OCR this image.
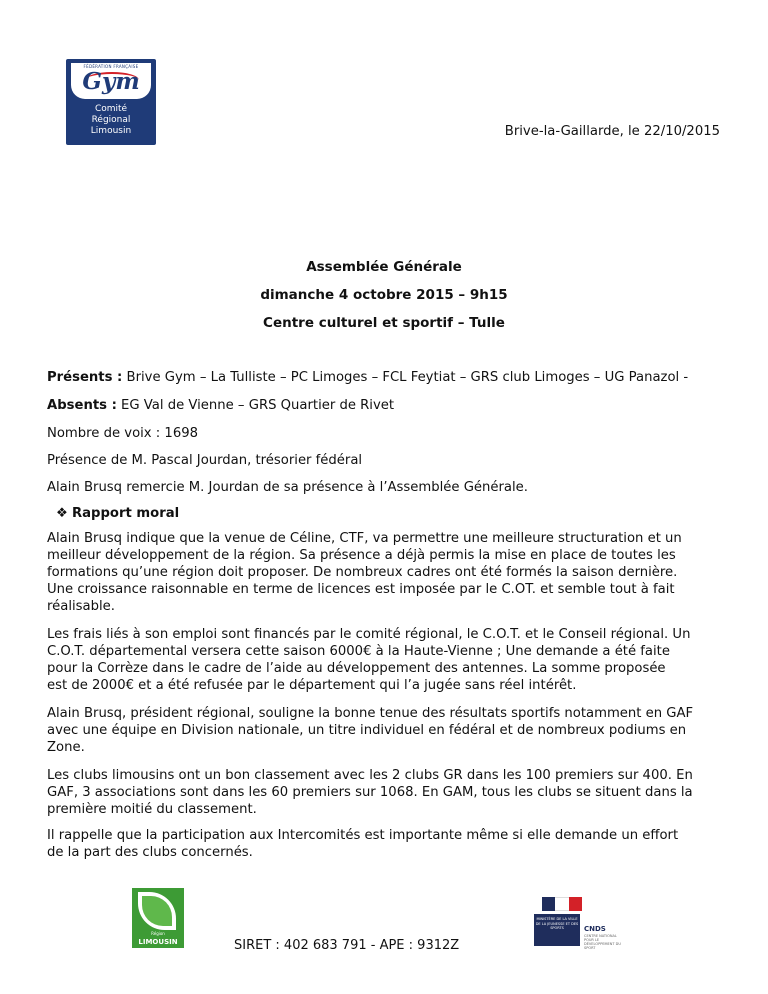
FÉDÉRATION FRANÇAISE
Gym
Comité
Régional
Limousin	Brive-la-Gaillarde, le 22/10/2015
Assemblée Générale
dimanche 4 octobre 2015 – 9h15
Centre culturel et sportif – Tulle
Présents : Brive Gym – La Tulliste – PC Limoges – FCL Feytiat – GRS club Limoges – UG Panazol -
Absents : EG Val de Vienne – GRS Quartier de Rivet
Nombre de voix : 1698
Présence de M. Pascal Jourdan, trésorier fédéral
Alain Brusq remercie M. Jourdan de sa présence à l’Assemblée Générale.
❖ Rapport moral
Alain Brusq indique que la venue de Céline, CTF, va permettre une meilleure structuration et un
meilleur développement de la région. Sa présence a déjà permis la mise en place de toutes les
formations qu’une région doit proposer. De nombreux cadres ont été formés la saison dernière.
Une croissance raisonnable en terme de licences est imposée par le C.OT. et semble tout à fait
réalisable.
Les frais liés à son emploi sont financés par le comité régional, le C.O.T. et le Conseil régional. Un
C.O.T. départemental versera cette saison 6000€ à la Haute-Vienne ; Une demande a été faite
pour la Corrèze dans le cadre de l’aide au développement des antennes. La somme proposée
est de 2000€ et a été refusée par le département qui l’a jugée sans réel intérêt.
Alain Brusq, président régional, souligne la bonne tenue des résultats sportifs notamment en GAF
avec une équipe en Division nationale, un titre individuel en fédéral et de nombreux podiums en
Zone.
Les clubs limousins ont un bon classement avec les 2 clubs GR dans les 100 premiers sur 400. En
GAF, 3 associations sont dans les 60 premiers sur 1068. En GAM, tous les clubs se situent dans la
première moitié du classement.
Il rappelle que la participation aux Intercomités est importante même si elle demande un effort
de la part des clubs concernés.
Région
LIMOUSIN	SIRET : 402 683 791 - APE : 9312Z
MINISTÈRE DE LA VILLE DE LA JEUNESSE ET DES SPORTS	CNDS
CENTRE NATIONAL POUR LE DÉVELOPPEMENT DU SPORT
